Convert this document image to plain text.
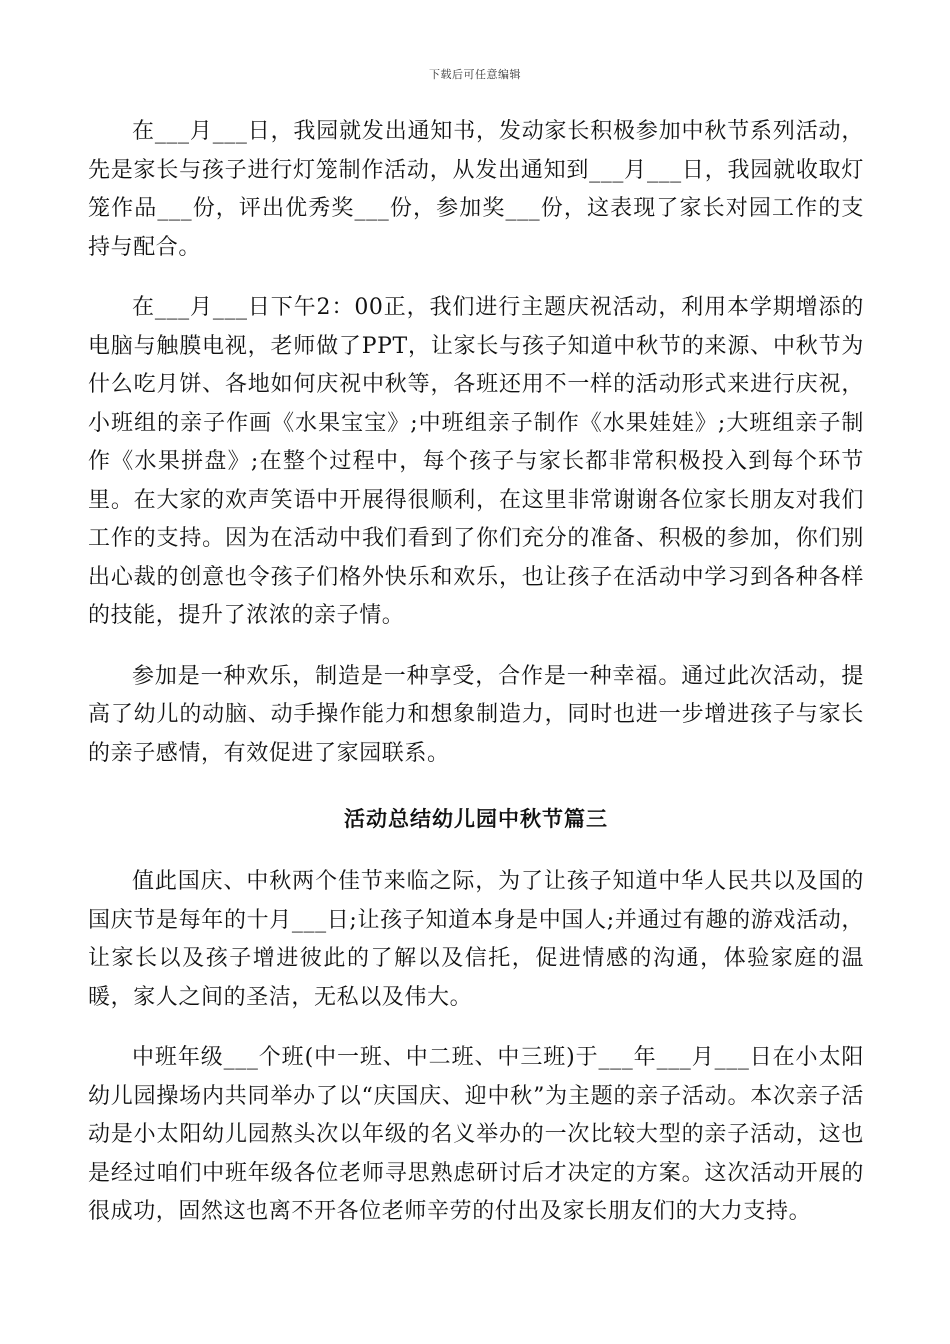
下载后可任意编辑

在___月___日，我园就发出通知书，发动家长积极参加中秋节系列活动，先是家长与孩子进行灯笼制作活动，从发出通知到___月___日，我园就收取灯笼作品___份，评出优秀奖___份，参加奖___份，这表现了家长对园工作的支持与配合。

在___月___日下午2：00正，我们进行主题庆祝活动，利用本学期增添的电脑与触膜电视，老师做了PPT，让家长与孩子知道中秋节的来源、中秋节为什么吃月饼、各地如何庆祝中秋等，各班还用不一样的活动形式来进行庆祝，小班组的亲子作画《水果宝宝》;中班组亲子制作《水果娃娃》;大班组亲子制作《水果拼盘》;在整个过程中，每个孩子与家长都非常积极投入到每个环节里。在大家的欢声笑语中开展得很顺利，在这里非常谢谢各位家长朋友对我们工作的支持。因为在活动中我们看到了你们充分的准备、积极的参加，你们别出心裁的创意也令孩子们格外快乐和欢乐，也让孩子在活动中学习到各种各样的技能，提升了浓浓的亲子情。

参加是一种欢乐，制造是一种享受，合作是一种幸福。通过此次活动，提高了幼儿的动脑、动手操作能力和想象制造力，同时也进一步增进孩子与家长的亲子感情，有效促进了家园联系。

活动总结幼儿园中秋节篇三

值此国庆、中秋两个佳节来临之际，为了让孩子知道中华人民共以及国的国庆节是每年的十月___日;让孩子知道本身是中国人;并通过有趣的游戏活动，让家长以及孩子增进彼此的了解以及信托，促进情感的沟通，体验家庭的温暖，家人之间的圣洁，无私以及伟大。

中班年级___个班(中一班、中二班、中三班)于___年___月___日在小太阳幼儿园操场内共同举办了以“庆国庆、迎中秋”为主题的亲子活动。本次亲子活动是小太阳幼儿园熬头次以年级的名义举办的一次比较大型的亲子活动，这也是经过咱们中班年级各位老师寻思熟虑研讨后才决定的方案。这次活动开展的很成功，固然这也离不开各位老师辛劳的付出及家长朋友们的大力支持。
